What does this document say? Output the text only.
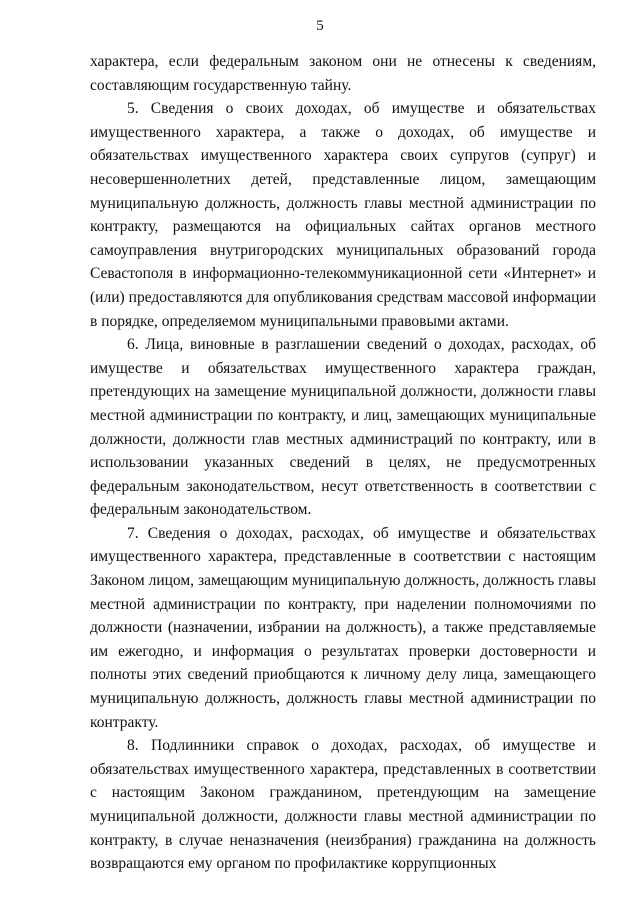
5

характера, если федеральным законом они не отнесены к сведениям, составляющим государственную тайну.

5. Сведения о своих доходах, об имуществе и обязательствах имущественного характера, а также о доходах, об имуществе и обязательствах имущественного характера своих супругов (супруг) и несовершеннолетних детей, представленные лицом, замещающим муниципальную должность, должность главы местной администрации по контракту, размещаются на официальных сайтах органов местного самоуправления внутригородских муниципальных образований города Севастополя в информационно-телекоммуникационной сети «Интернет» и (или) предоставляются для опубликования средствам массовой информации в порядке, определяемом муниципальными правовыми актами.

6. Лица, виновные в разглашении сведений о доходах, расходах, об имуществе и обязательствах имущественного характера граждан, претендующих на замещение муниципальной должности, должности главы местной администрации по контракту, и лиц, замещающих муниципальные должности, должности глав местных администраций по контракту, или в использовании указанных сведений в целях, не предусмотренных федеральным законодательством, несут ответственность в соответствии с федеральным законодательством.

7. Сведения о доходах, расходах, об имуществе и обязательствах имущественного характера, представленные в соответствии с настоящим Законом лицом, замещающим муниципальную должность, должность главы местной администрации по контракту, при наделении полномочиями по должности (назначении, избрании на должность), а также представляемые им ежегодно, и информация о результатах проверки достоверности и полноты этих сведений приобщаются к личному делу лица, замещающего муниципальную должность, должность главы местной администрации по контракту.

8. Подлинники справок о доходах, расходах, об имуществе и обязательствах имущественного характера, представленных в соответствии с настоящим Законом гражданином, претендующим на замещение муниципальной должности, должности главы местной администрации по контракту, в случае неназначения (неизбрания) гражданина на должность возвращаются ему органом по профилактике коррупционных
